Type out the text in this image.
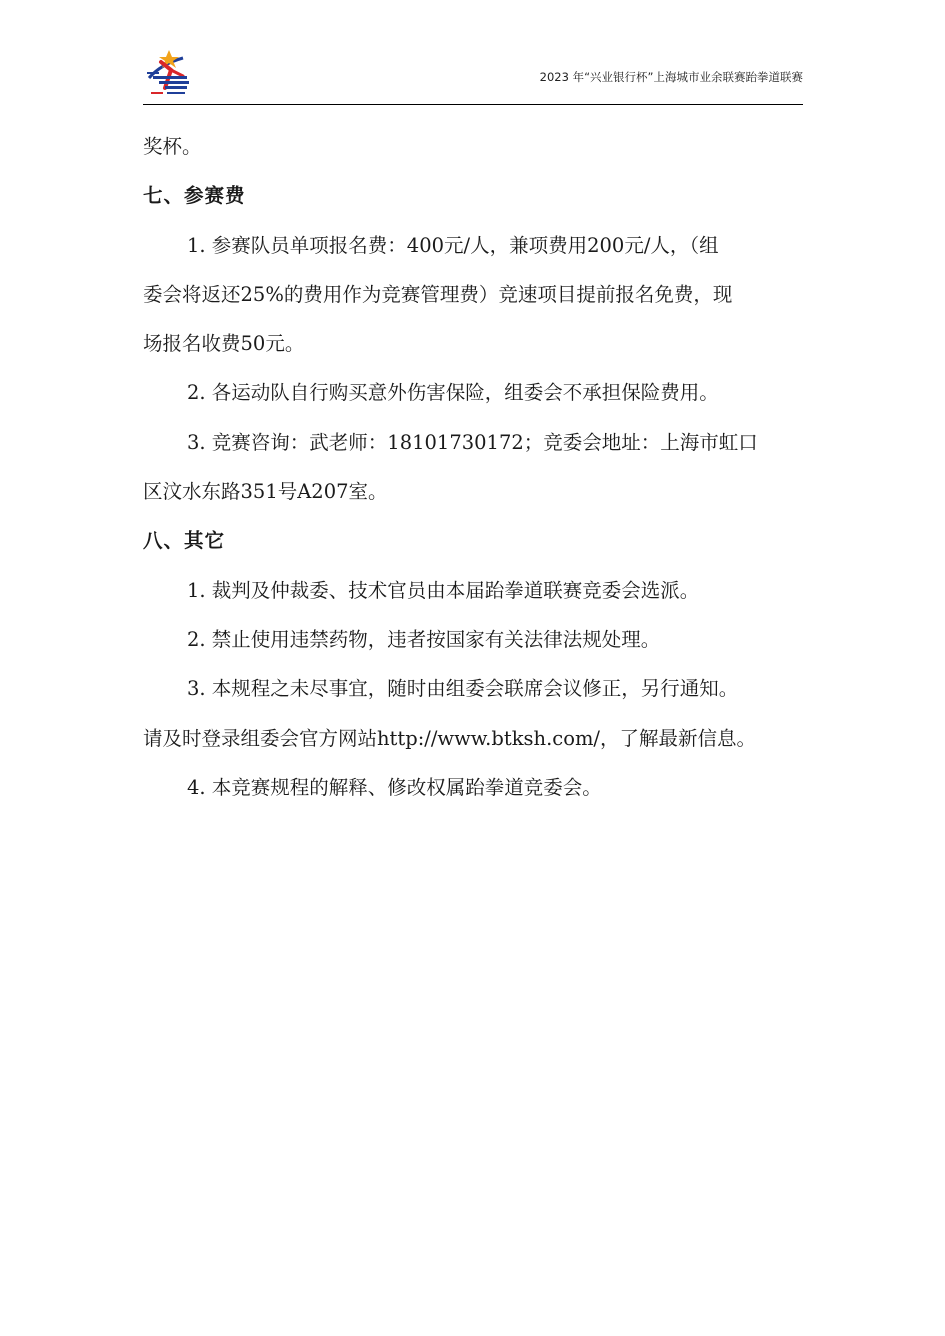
2023 年“兴业银行杯”上海城市业余联赛跆拳道联赛

奖杯。

七、参赛费

1. 参赛队员单项报名费：400元/人，兼项费用200元/人，（组

委会将返还25%的费用作为竞赛管理费）竞速项目提前报名免费，现

场报名收费50元。

2. 各运动队自行购买意外伤害保险，组委会不承担保险费用。

3. 竞赛咨询：武老师：18101730172；竞委会地址：上海市虹口

区汶水东路351号A207室。

八、其它

1. 裁判及仲裁委、技术官员由本届跆拳道联赛竞委会选派。

2. 禁止使用违禁药物，违者按国家有关法律法规处理。

3. 本规程之未尽事宜，随时由组委会联席会议修正，另行通知。

请及时登录组委会官方网站http://www.btksh.com/，了解最新信息。

4. 本竞赛规程的解释、修改权属跆拳道竞委会。
